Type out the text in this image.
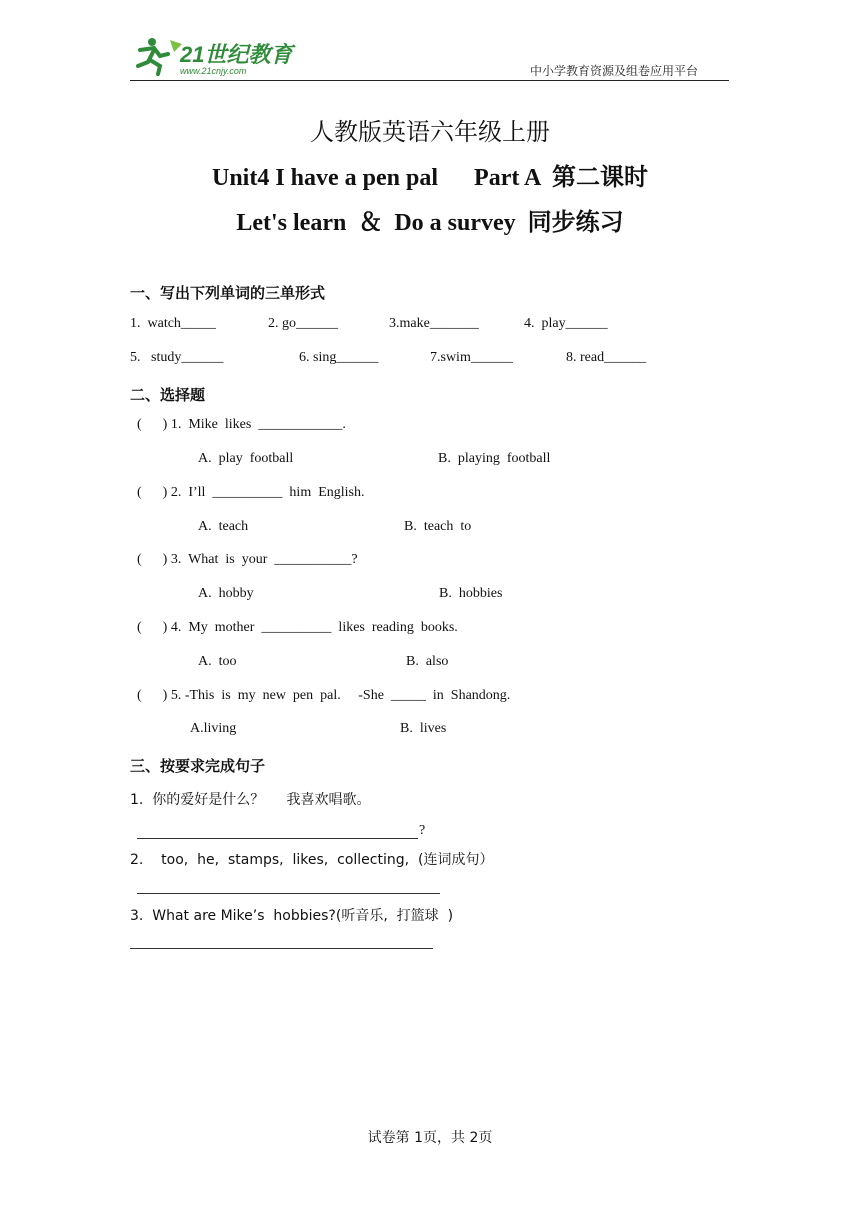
21世纪教育
www.21cnjy.com	中小学教育资源及组卷应用平台
人教版英语六年级上册
Unit4 I have a pen pal      Part A  第二课时
Let's learn  ＆  Do a survey  同步练习
一、写出下列单词的三单形式
1.  watch_____	2. go______	3.make_______	4.  play______
5.   study______	6. sing______	7.swim______	8. read______
二、选择题
(      ) 1.  Mike  likes  ____________.
A.  play  football	B.  playing  football
(      ) 2.  I’ll  __________  him  English.
A.  teach	B.  teach  to
(      ) 3.  What  is  your  ___________?
A.  hobby	B.  hobbies
(      ) 4.  My  mother  __________  likes  reading  books.
A.  too	B.  also
(      ) 5. -This  is  my  new  pen  pal.     -She  _____  in  Shandong.
A.living	B.  lives
三、按要求完成句子
1.  你的爱好是什么？     我喜欢唱歌。
?
2.    too,  he,  stamps,  likes,  collecting,  (连词成句）
3.  What are Mike’s  hobbies?(听音乐,  打篮球  )
试卷第 1页，共 2页
